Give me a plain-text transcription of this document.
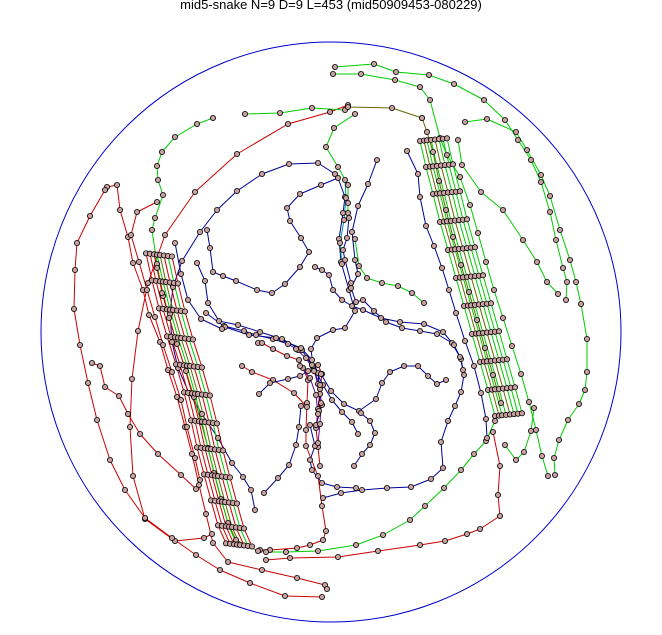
mid5-snake N=9 D=9 L=453 (mid50909453-080229)
